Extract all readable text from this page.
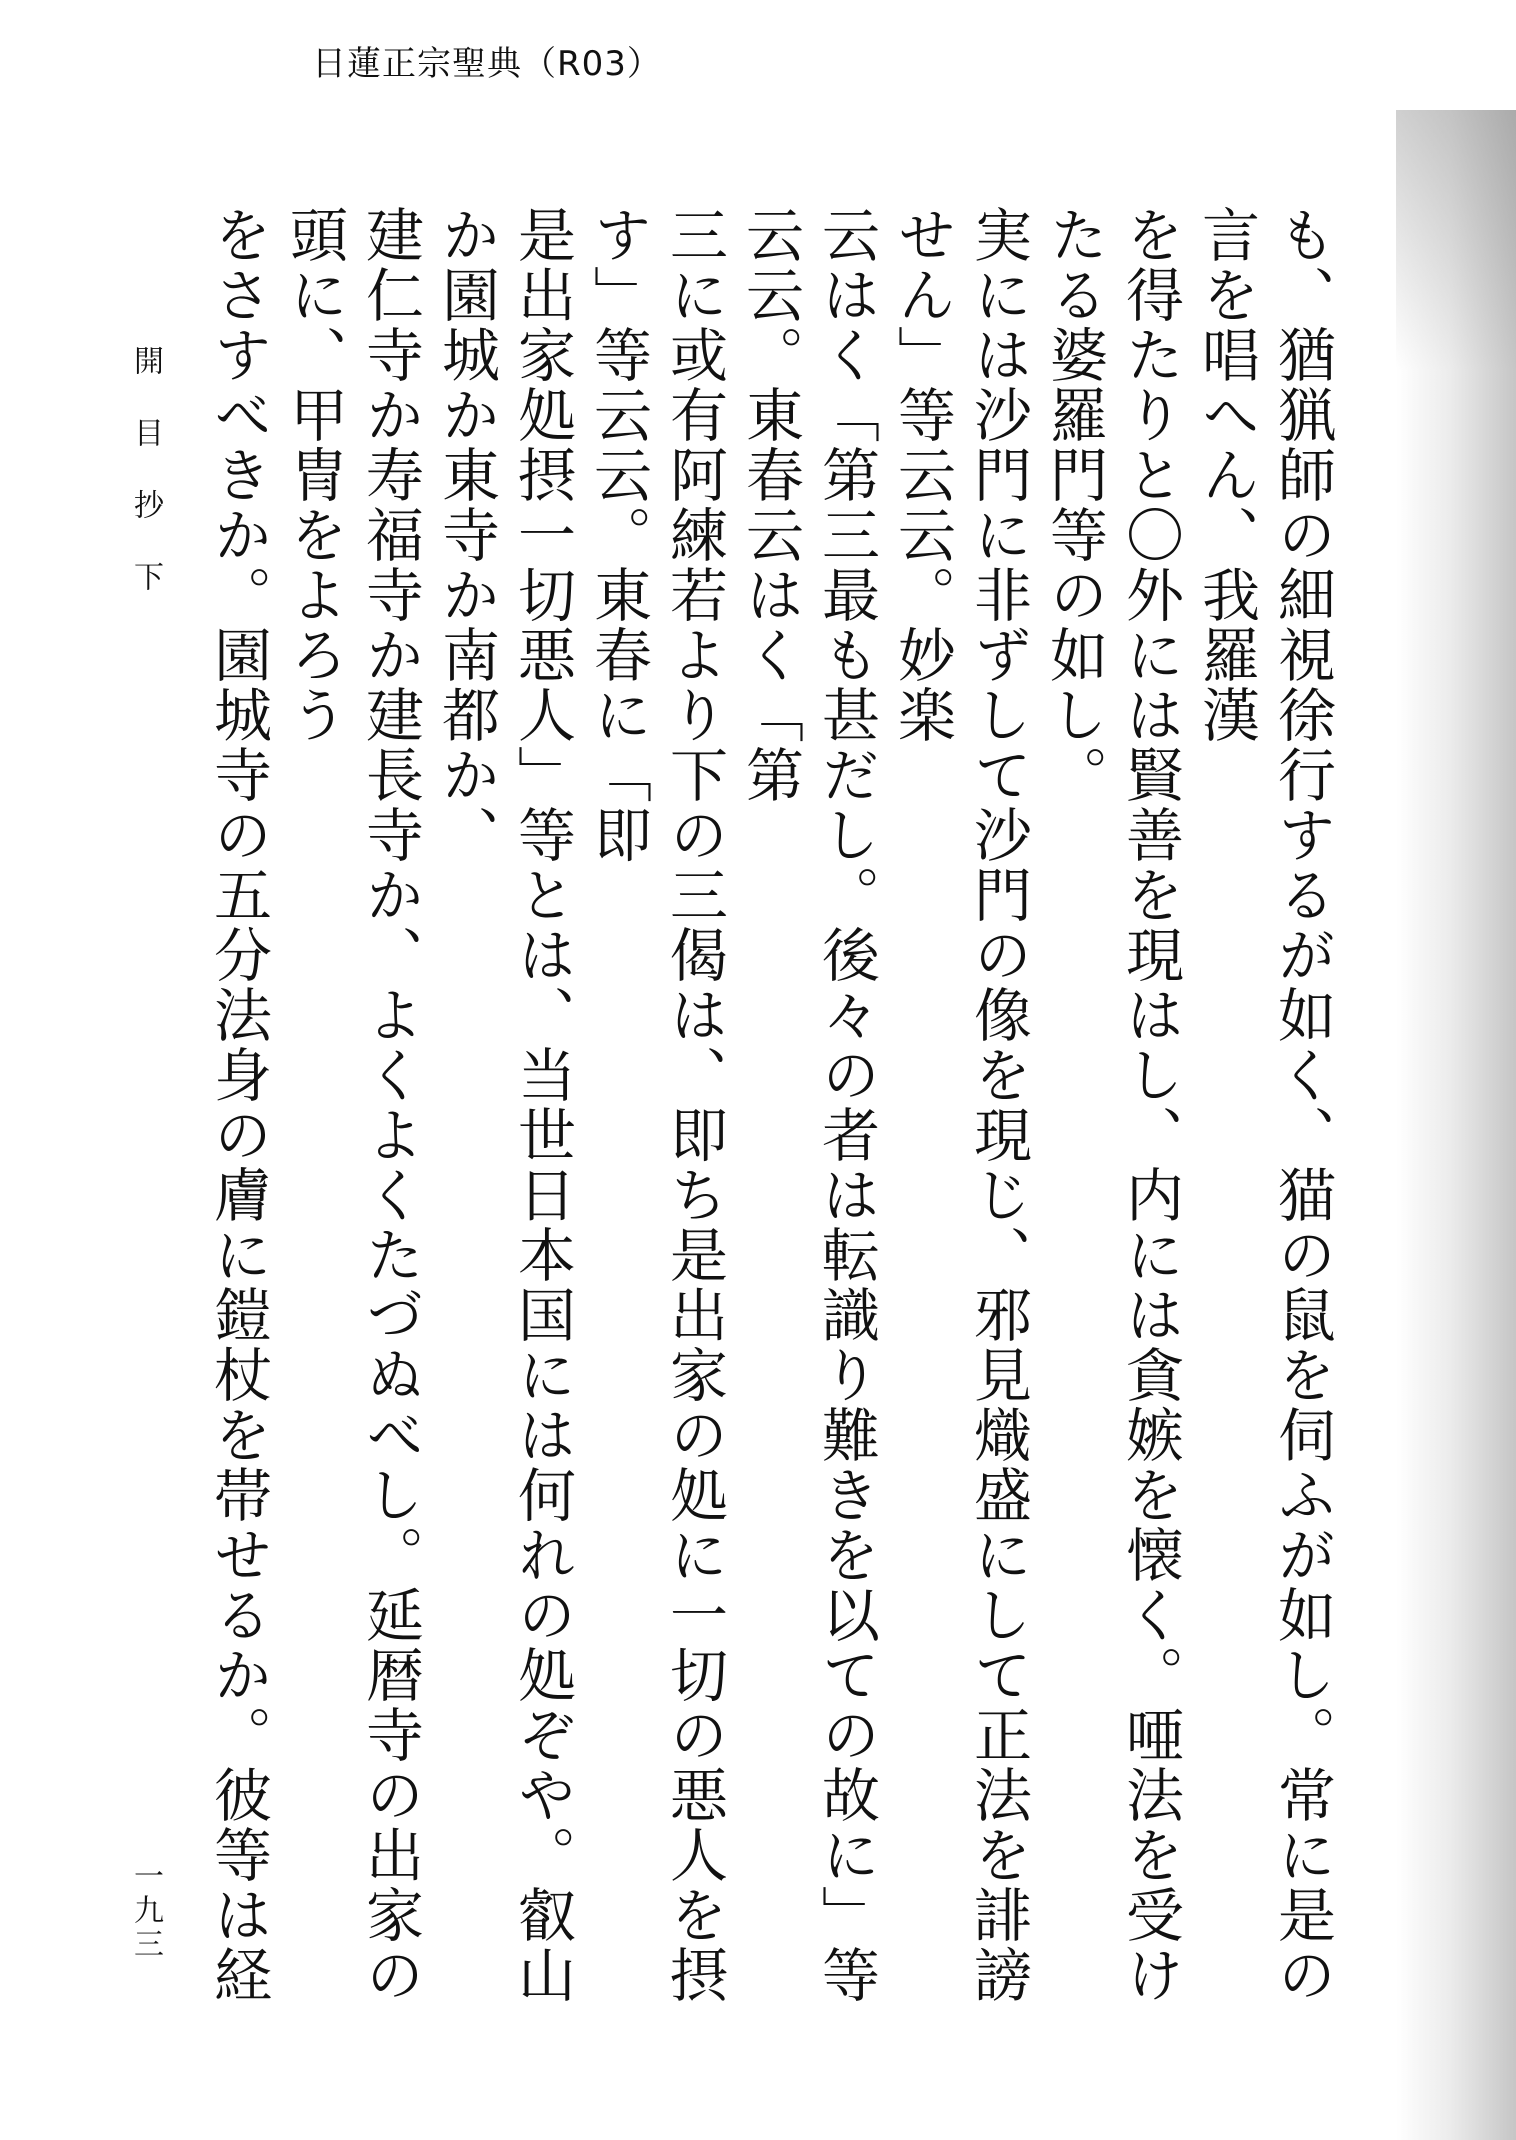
日蓮正宗聖典（R03）

も、猶猟師の細視徐行するが如く、猫の鼠を伺ふが如し。常に是の言を唱へん、我羅漢

を得たりと〇外には賢善を現はし、内には貪嫉を懐く。唖法を受けたる婆羅門等の如し。

実には沙門に非ずして沙門の像を現じ、邪見熾盛にして正法を誹謗せん」等云云。妙楽

云はく「第三最も甚だし。後々の者は転識り難きを以ての故に」等云云。東春云はく「第

三に或有阿練若より下の三偈は、即ち是出家の処に一切の悪人を摂す」等云云。東春に「即

是出家処摂一切悪人」等とは、当世日本国には何れの処ぞや。叡山か園城か東寺か南都か、

建仁寺か寿福寺か建長寺か、よくよくたづぬべし。延暦寺の出家の頭に、甲冑をよろう

をさすべきか。園城寺の五分法身の膚に鎧杖を帯せるか。彼等は経

開目抄下
一九三
